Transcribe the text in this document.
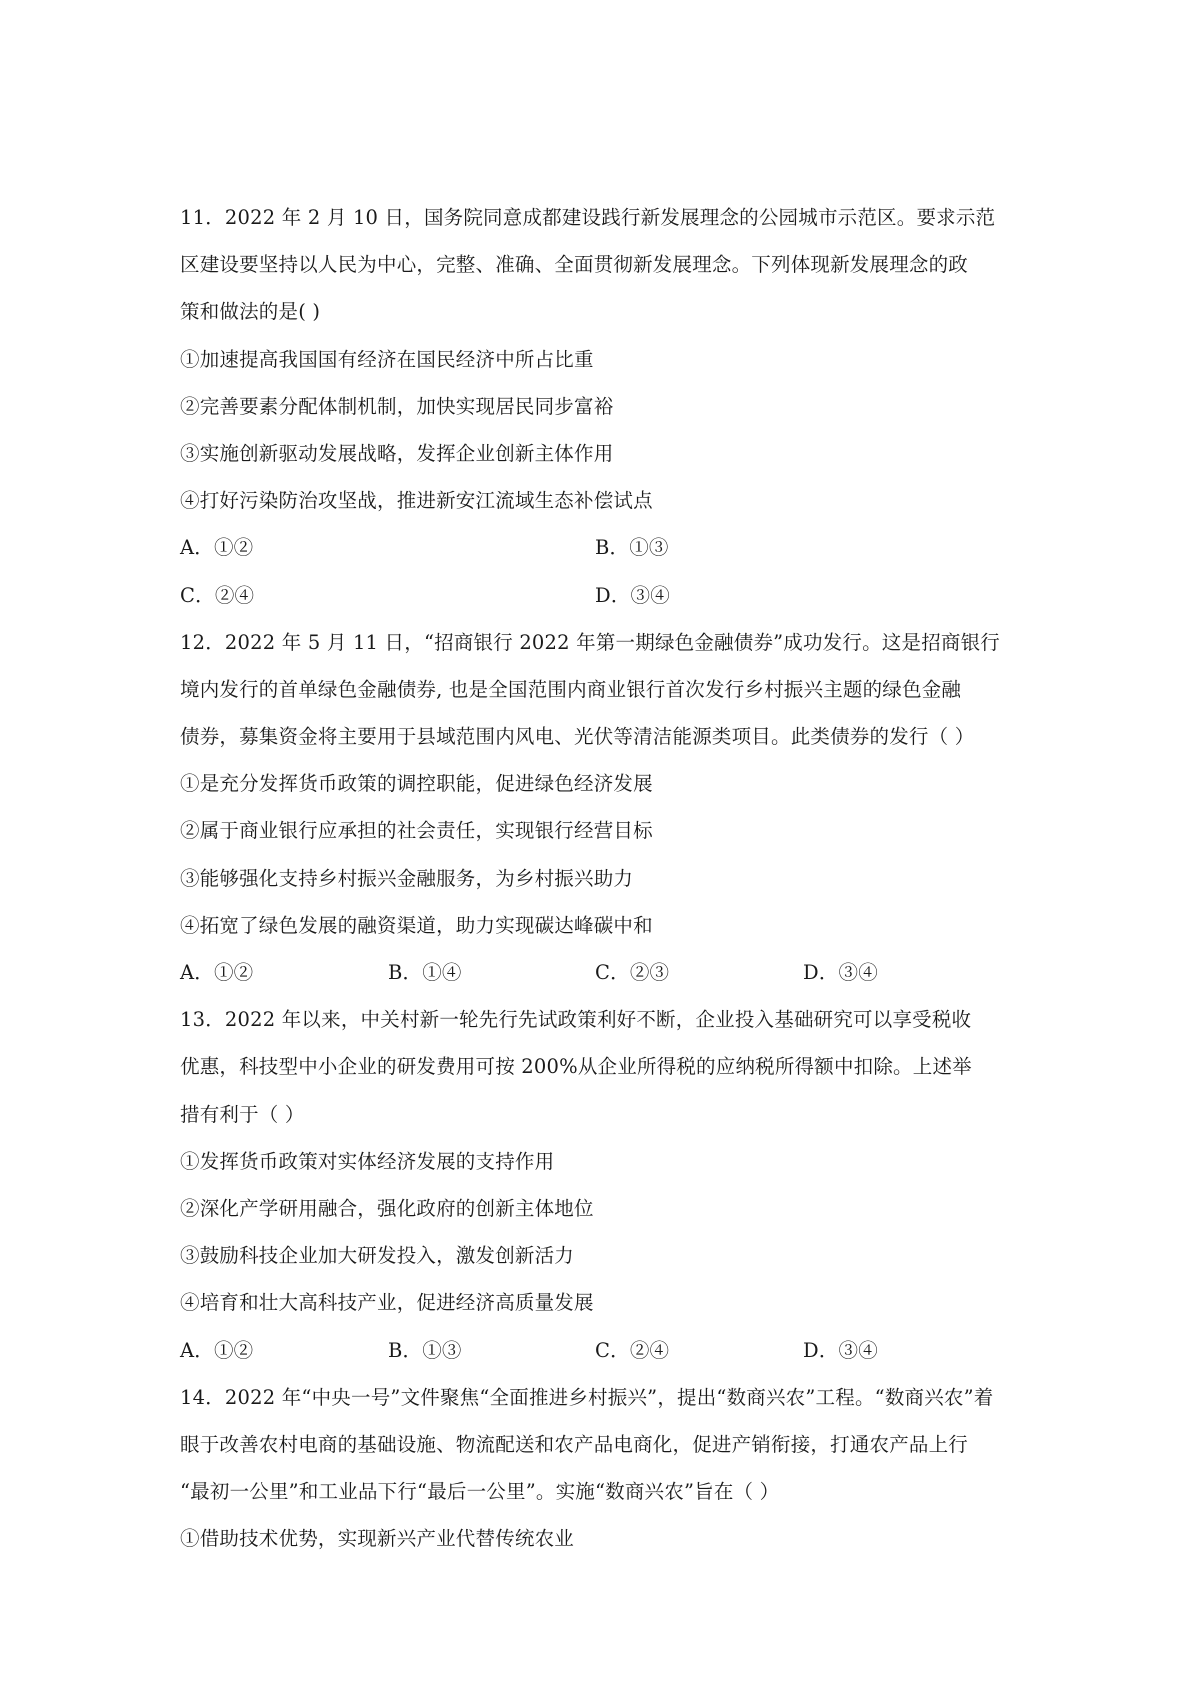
11．2022 年 2 月 10 日，国务院同意成都建设践行新发展理念的公园城市示范区。要求示范
区建设要坚持以人民为中心，完整、准确、全面贯彻新发展理念。下列体现新发展理念的政
策和做法的是( )
①加速提高我国国有经济在国民经济中所占比重
②完善要素分配体制机制，加快实现居民同步富裕
③实施创新驱动发展战略，发挥企业创新主体作用
④打好污染防治攻坚战，推进新安江流域生态补偿试点
A．①②	B．①③
C．②④	D．③④
12．2022 年 5 月 11 日，“招商银行 2022 年第一期绿色金融债券”成功发行。这是招商银行
境内发行的首单绿色金融债券, 也是全国范围内商业银行首次发行乡村振兴主题的绿色金融
债券，募集资金将主要用于县域范围内风电、光伏等清洁能源类项目。此类债券的发行（ ）
①是充分发挥货币政策的调控职能，促进绿色经济发展
②属于商业银行应承担的社会责任，实现银行经营目标
③能够强化支持乡村振兴金融服务，为乡村振兴助力
④拓宽了绿色发展的融资渠道，助力实现碳达峰碳中和
A．①②	B．①④	C．②③	D．③④
13．2022 年以来，中关村新一轮先行先试政策利好不断，企业投入基础研究可以享受税收
优惠，科技型中小企业的研发费用可按 200%从企业所得税的应纳税所得额中扣除。上述举
措有利于（ ）
①发挥货币政策对实体经济发展的支持作用
②深化产学研用融合，强化政府的创新主体地位
③鼓励科技企业加大研发投入，激发创新活力
④培育和壮大高科技产业，促进经济高质量发展
A．①②	B．①③	C．②④	D．③④
14．2022 年“中央一号”文件聚焦“全面推进乡村振兴”，提出“数商兴农”工程。“数商兴农”着
眼于改善农村电商的基础设施、物流配送和农产品电商化，促进产销衔接，打通农产品上行
“最初一公里”和工业品下行“最后一公里”。实施“数商兴农”旨在（ ）
①借助技术优势，实现新兴产业代替传统农业
